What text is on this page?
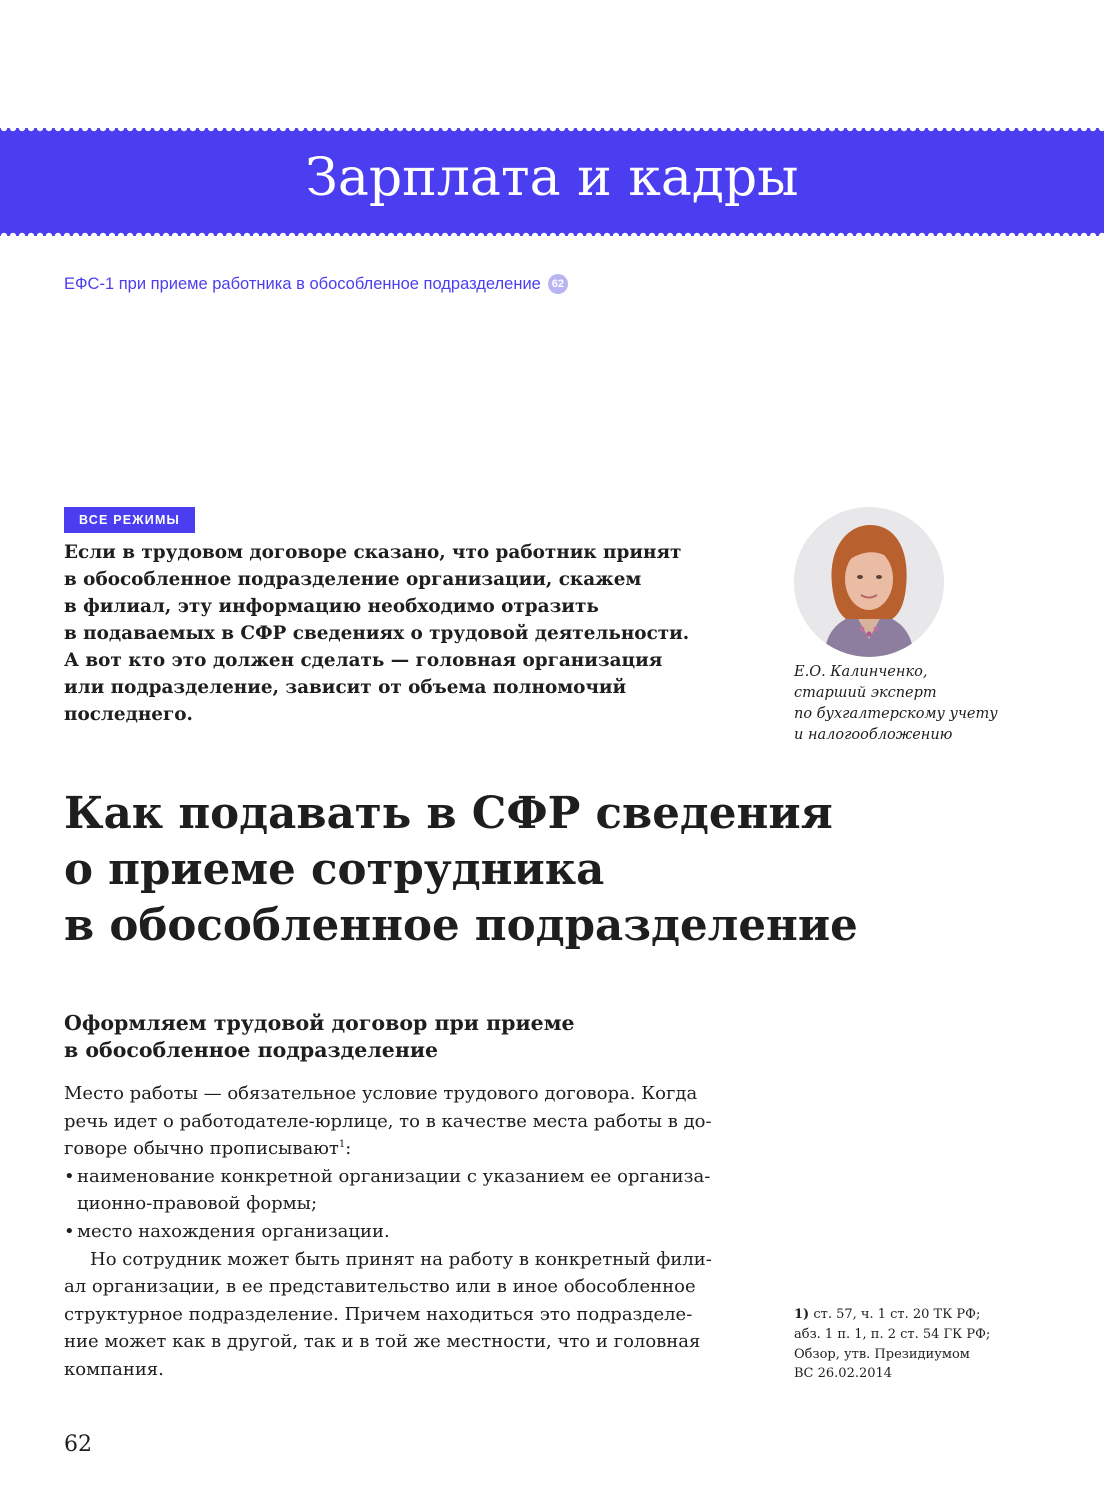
Зарплата и кадры
ЕФС-1 при приеме работника в обособленное подразделение 62
ВСЕ РЕЖИМЫ
Если в трудовом договоре сказано, что работник принят
в обособленное подразделение организации, скажем
в филиал, эту информацию необходимо отразить
в подаваемых в СФР сведениях о трудовой деятельности.
А вот кто это должен сделать — головная организация
или подразделение, зависит от объема полномочий
последнего.
Е.О. Калинченко,
старший эксперт
по бухгалтерскому учету
и налогообложению
Как подавать в СФР сведения
о приеме сотрудника
в обособленное подразделение
Оформляем трудовой договор при приеме
в обособленное подразделение
Место работы — обязательное условие трудового договора. Когда
речь идет о работодателе-юрлице, то в качестве места работы в до-
говоре обычно прописывают$^1$:
• наименование конкретной организации с указанием ее организа-
ционно-правовой формы;
• место нахождения организации.
Но сотрудник может быть принят на работу в конкретный фили-
ал организации, в ее представительство или в иное обособленное
структурное подразделение. Причем находиться это подразделе-
ние может как в другой, так и в той же местности, что и головная
компания.
1) ст. 57, ч. 1 ст. 20 ТК РФ;
абз. 1 п. 1, п. 2 ст. 54 ГК РФ;
Обзор, утв. Президиумом
ВС 26.02.2014
62
